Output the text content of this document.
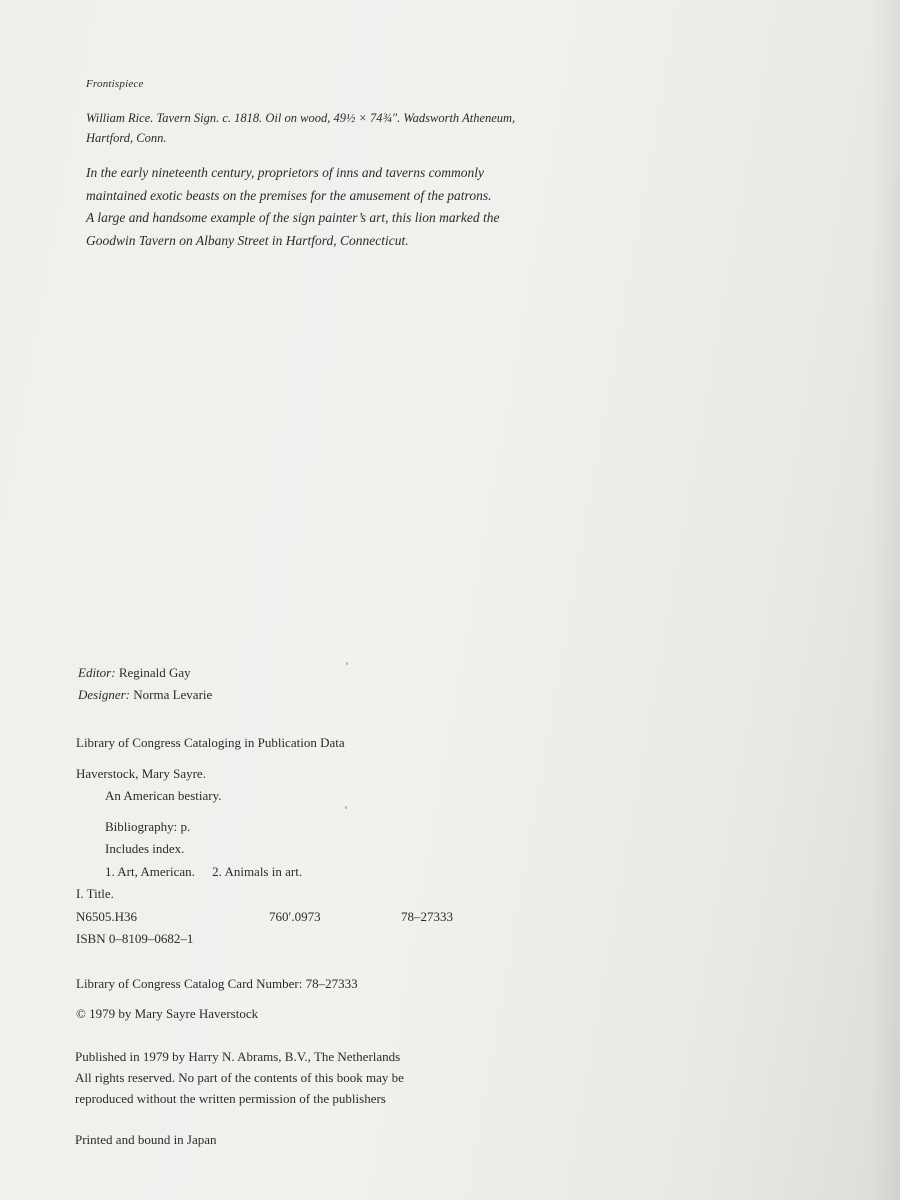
Frontispiece
William Rice. Tavern Sign. c. 1818. Oil on wood, 49½ × 74¾". Wadsworth Atheneum,
Hartford, Conn.
In the early nineteenth century, proprietors of inns and taverns commonly
maintained exotic beasts on the premises for the amusement of the patrons.
A large and handsome example of the sign painter’s art, this lion marked the
Goodwin Tavern on Albany Street in Hartford, Connecticut.
Editor: Reginald Gay
Designer: Norma Levarie
Library of Congress Cataloging in Publication Data
Haverstock, Mary Sayre.
An American bestiary.
Bibliography: p.
Includes index.
1. Art, American. 2. Animals in art.
I. Title.
N6505.H36	760′.0973	78–27333
ISBN 0–8109–0682–1
Library of Congress Catalog Card Number: 78–27333
© 1979 by Mary Sayre Haverstock
Published in 1979 by Harry N. Abrams, B.V., The Netherlands
All rights reserved. No part of the contents of this book may be
reproduced without the written permission of the publishers
Printed and bound in Japan
